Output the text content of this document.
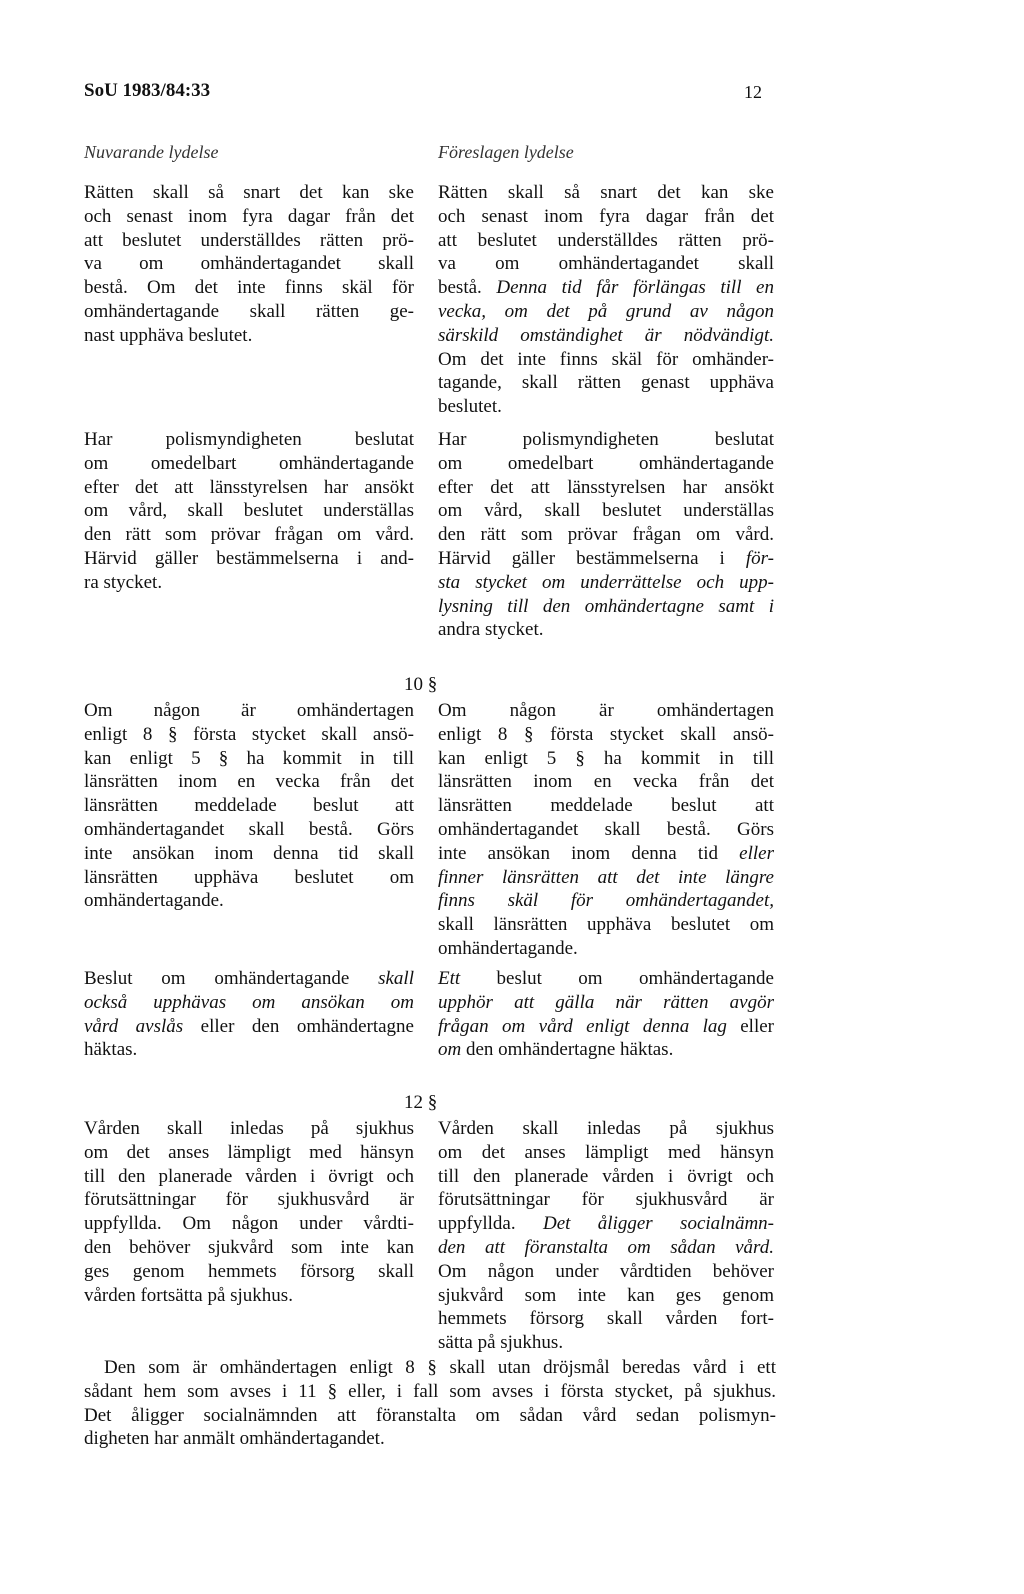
SoU 1983/84:33	12
Nuvarande lydelse	Föreslagen lydelse
Rätten skall så snart det kan ske
och senast inom fyra dagar från det
att beslutet underställdes rätten prö-
va om omhändertagandet skall
bestå. Om det inte finns skäl för
omhändertagande skall rätten ge-
nast upphäva beslutet.
Har polismyndigheten beslutat
om omedelbart omhändertagande
efter det att länsstyrelsen har ansökt
om vård, skall beslutet underställas
den rätt som prövar frågan om vård.
Härvid gäller bestämmelserna i and-
ra stycket.
10 §
Om någon är omhändertagen
enligt 8 § första stycket skall ansö-
kan enligt 5 § ha kommit in till
länsrätten inom en vecka från det
länsrätten meddelade beslut att
omhändertagandet skall bestå. Görs
inte ansökan inom denna tid skall
länsrätten upphäva beslutet om
omhändertagande.
Beslut om omhändertagande skall
också upphävas om ansökan om
vård avslås eller den omhändertagne
häktas.
12 §
Vården skall inledas på sjukhus
om det anses lämpligt med hänsyn
till den planerade vården i övrigt och
förutsättningar för sjukhusvård är
uppfyllda. Om någon under vårdti-
den behöver sjukvård som inte kan
ges genom hemmets försorg skall
vården fortsätta på sjukhus.
Rätten skall så snart det kan ske
och senast inom fyra dagar från det
att beslutet underställdes rätten prö-
va om omhändertagandet skall
bestå. Denna tid får förlängas till en
vecka, om det på grund av någon
särskild omständighet är nödvändigt.
Om det inte finns skäl för omhänder-
tagande, skall rätten genast upphäva
beslutet.
Har polismyndigheten beslutat
om omedelbart omhändertagande
efter det att länsstyrelsen har ansökt
om vård, skall beslutet underställas
den rätt som prövar frågan om vård.
Härvid gäller bestämmelserna i för-
sta stycket om underrättelse och upp-
lysning till den omhändertagne samt i
andra stycket.
Om någon är omhändertagen
enligt 8 § första stycket skall ansö-
kan enligt 5 § ha kommit in till
länsrätten inom en vecka från det
länsrätten meddelade beslut att
omhändertagandet skall bestå. Görs
inte ansökan inom denna tid eller
finner länsrätten att det inte längre
finns skäl för omhändertagandet,
skall länsrätten upphäva beslutet om
omhändertagande.
Ett beslut om omhändertagande
upphör att gälla när rätten avgör
frågan om vård enligt denna lag eller
om den omhändertagne häktas.
Vården skall inledas på sjukhus
om det anses lämpligt med hänsyn
till den planerade vården i övrigt och
förutsättningar för sjukhusvård är
uppfyllda. Det åligger socialnämn-
den att föranstalta om sådan vård.
Om någon under vårdtiden behöver
sjukvård som inte kan ges genom
hemmets försorg skall vården fort-
sätta på sjukhus.
Den som är omhändertagen enligt 8 § skall utan dröjsmål beredas vård i ett
sådant hem som avses i 11 § eller, i fall som avses i första stycket, på sjukhus.
Det åligger socialnämnden att föranstalta om sådan vård sedan polismyn-
digheten har anmält omhändertagandet.
